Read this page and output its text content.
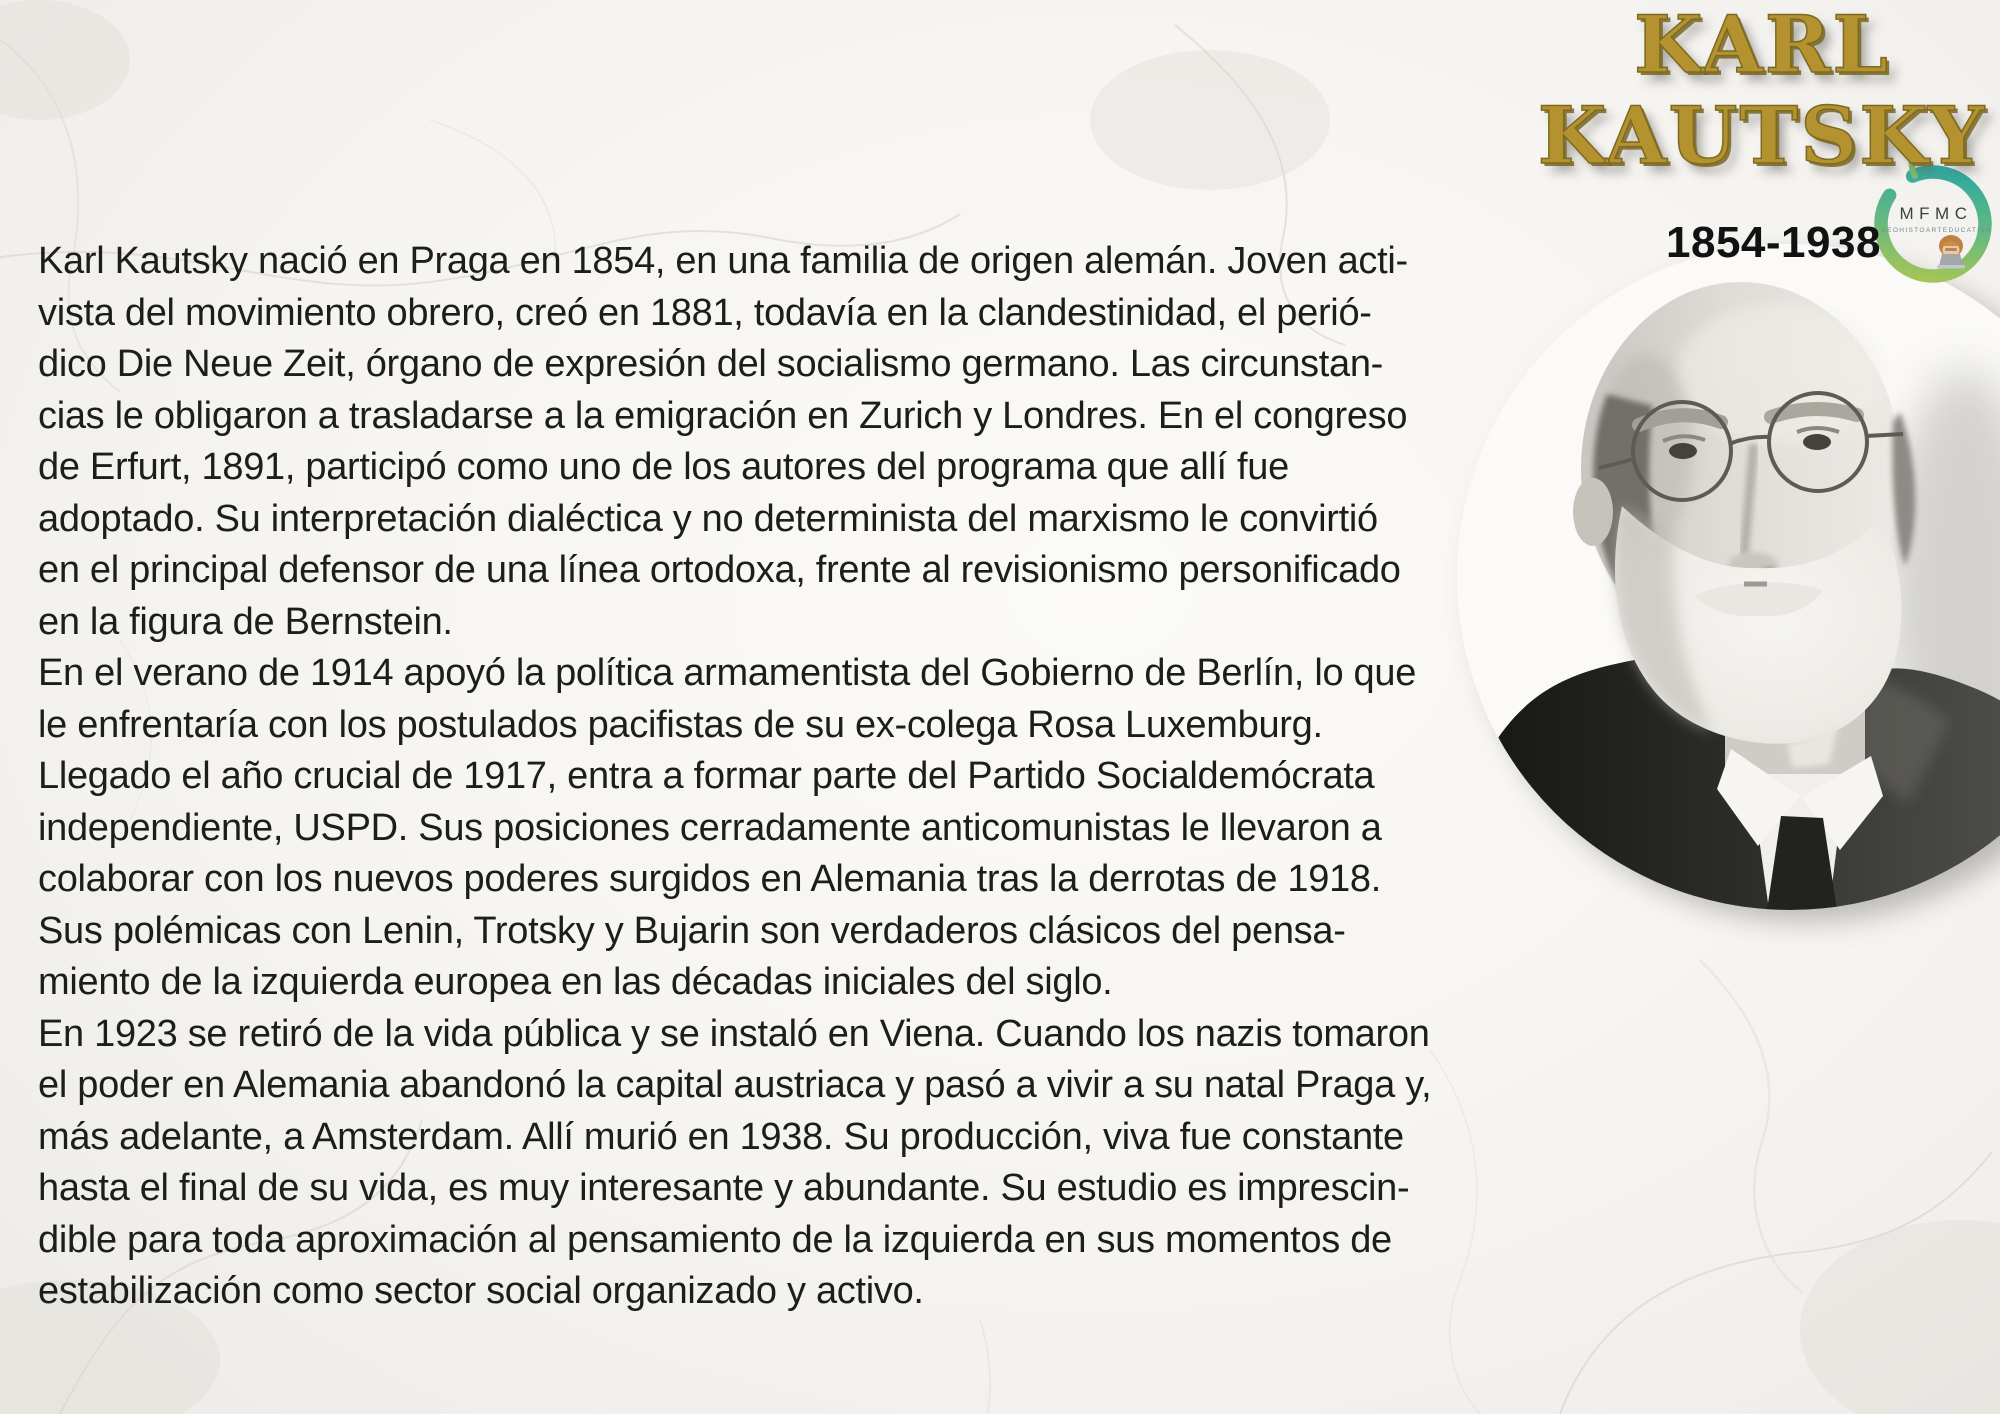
KARL
KAUTSKY
1854-1938
MFMC
GEOHISTOARTEDUCATIVA
Karl Kautsky nació en Praga en 1854, en una familia de origen alemán. Joven acti-
vista del movimiento obrero, creó en 1881, todavía en la clandestinidad, el perió-
dico Die Neue Zeit, órgano de expresión del socialismo germano. Las circunstan-
cias le obligaron a trasladarse a la emigración en Zurich y Londres. En el congreso
de Erfurt, 1891, participó como uno de los autores del programa que allí fue
adoptado. Su interpretación dialéctica y no determinista del marxismo le convirtió
en el principal defensor de una línea ortodoxa, frente al revisionismo personificado
en la figura de Bernstein.
En el verano de 1914 apoyó la política armamentista del Gobierno de Berlín, lo que
le enfrentaría con los postulados pacifistas de su ex-colega Rosa Luxemburg.
Llegado el año crucial de 1917, entra a formar parte del Partido Socialdemócrata
independiente, USPD. Sus posiciones cerradamente anticomunistas le llevaron a
colaborar con los nuevos poderes surgidos en Alemania tras la derrotas de 1918.
Sus polémicas con Lenin, Trotsky y Bujarin son verdaderos clásicos del pensa-
miento de la izquierda europea en las décadas iniciales del siglo.
En 1923 se retiró de la vida pública y se instaló en Viena. Cuando los nazis tomaron
el poder en Alemania abandonó la capital austriaca y pasó a vivir a su natal Praga y,
más adelante, a Amsterdam. Allí murió en 1938. Su producción, viva fue constante
hasta el final de su vida, es muy interesante y abundante. Su estudio es imprescin-
dible para toda aproximación al pensamiento de la izquierda en sus momentos de
estabilización como sector social organizado y activo.
